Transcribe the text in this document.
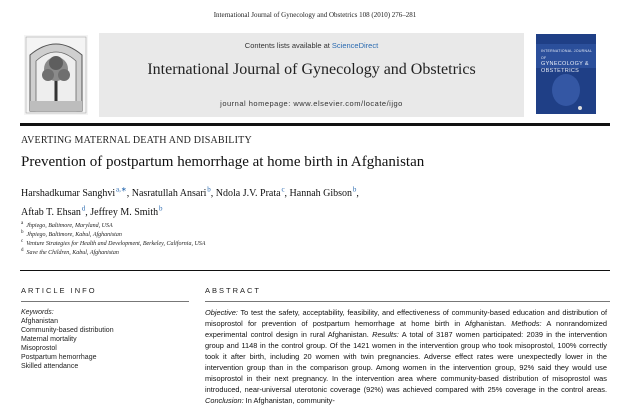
International Journal of Gynecology and Obstetrics 108 (2010) 276–281
Contents lists available at ScienceDirect
International Journal of Gynecology and Obstetrics
journal homepage: www.elsevier.com/locate/ijgo
INTERNATIONAL JOURNAL OF
GYNECOLOGY &
OBSTETRICS
AVERTING MATERNAL DEATH AND DISABILITY
Prevention of postpartum hemorrhage at home birth in Afghanistan
Harshadkumar Sanghvi $^{a,∗}$, Nasratullah Ansari $^b$, Ndola J.V. Prata $^c$, Hannah Gibson $^b$,
Aftab T. Ehsan $^d$, Jeffrey M. Smith $^b$
$^a$ Jhpiego, Baltimore, Maryland, USA
$^b$ Jhpiego, Baltimore, Kabul, Afghanistan
$^c$ Venture Strategies for Health and Development, Berkeley, California, USA
$^d$ Save the Children, Kabul, Afghanistan
ARTICLE INFO
Keywords:
Afghanistan
Community-based distribution
Maternal mortality
Misoprostol
Postpartum hemorrhage
Skilled attendance
ABSTRACT
Objective: To test the safety, acceptability, feasibility, and effectiveness of community-based education and distribution of misoprostol for prevention of postpartum hemorrhage at home birth in Afghanistan. Methods: A nonrandomized experimental control design in rural Afghanistan. Results: A total of 3187 women participated: 2039 in the intervention group and 1148 in the control group. Of the 1421 women in the intervention group who took misoprostol, 100% correctly took it after birth, including 20 women with twin pregnancies. Adverse effect rates were unexpectedly lower in the intervention group than in the comparison group. Among women in the intervention group, 92% said they would use misoprostol in their next pregnancy. In the intervention area where community-based distribution of misoprostol was introduced, near-universal uterotonic coverage (92%) was achieved compared with 25% coverage in the control areas. Conclusion: In Afghanistan, community-
